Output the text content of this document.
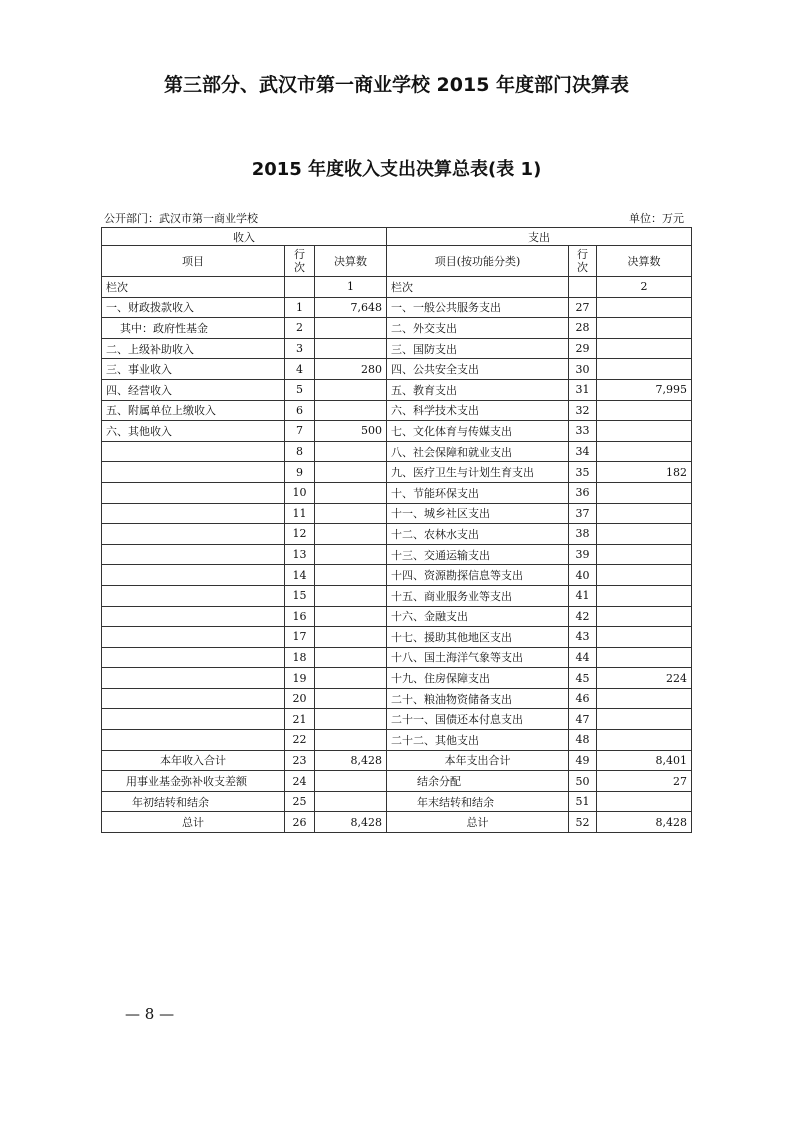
第三部分、武汉市第一商业学校 2015 年度部门决算表
2015 年度收入支出决算总表(表 1)
公开部门：武汉市第一商业学校	单位：万元
收入			支出		
项目	行次	决算数	项目(按功能分类)	行次	决算数
栏次		1	栏次		2
一、财政拨款收入	1	7,648	一、一般公共服务支出	27	
其中：政府性基金	2		二、外交支出	28	
二、上级补助收入	3		三、国防支出	29	
三、事业收入	4	280	四、公共安全支出	30	
四、经营收入	5		五、教育支出	31	7,995
五、附属单位上缴收入	6		六、科学技术支出	32	
六、其他收入	7	500	七、文化体育与传媒支出	33	
	8		八、社会保障和就业支出	34	
	9		九、医疗卫生与计划生育支出	35	182
	10		十、节能环保支出	36	
	11		十一、城乡社区支出	37	
	12		十二、农林水支出	38	
	13		十三、交通运输支出	39	
	14		十四、资源勘探信息等支出	40	
	15		十五、商业服务业等支出	41	
	16		十六、金融支出	42	
	17		十七、援助其他地区支出	43	
	18		十八、国土海洋气象等支出	44	
	19		十九、住房保障支出	45	224
	20		二十、粮油物资储备支出	46	
	21		二十一、国债还本付息支出	47	
	22		二十二、其他支出	48	
本年收入合计	23	8,428	本年支出合计	49	8,401
用事业基金弥补收支差额	24		结余分配	50	27
年初结转和结余	25		年末结转和结余	51	
总计	26	8,428	总计	52	8,428
— 8 —
